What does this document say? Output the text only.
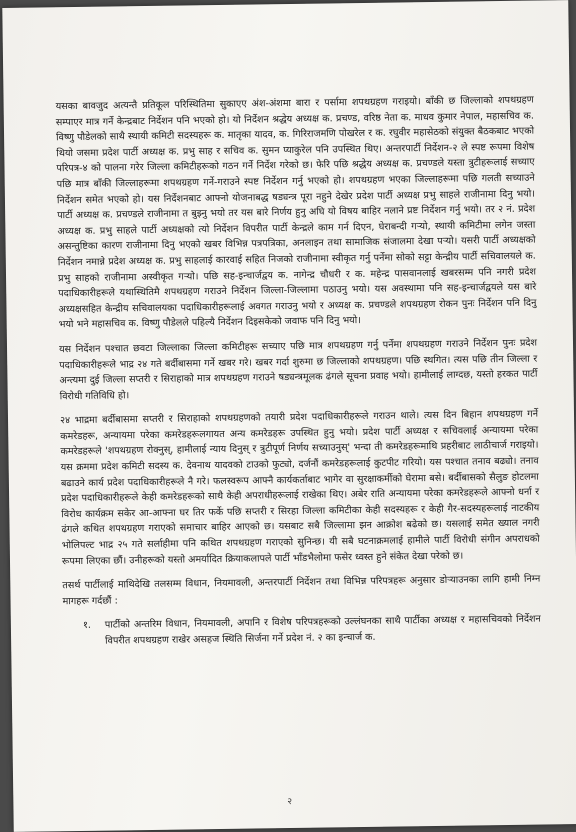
यसका बावजुद अत्यन्तै प्रतिकूल परिस्थितिमा सुकाएए अंश-अंशमा बारा र पर्सामा शपथग्रहण गराइयो। बाँकी छ जिल्लाको शपथग्रहण सम्पाएर मात्र गर्ने केन्द्रबाट निर्देशन पनि भएको हो। यो निर्देशन श्रद्धेय अध्यक्ष क. प्रचण्ड, वरिष्ठ नेता क. माधव कुमार नेपाल, महासचिव क. विष्णु पौडेलको साथै स्थायी कमिटी सदस्यहरू क. मातृका यादव, क. गिरिराजमणि पोखरेल र क. रघुवीर महासेठको संयुक्त बैठकबाट भएको थियो जसमा प्रदेश पार्टी अध्यक्ष क. प्रभु साह र सचिव क. सुमन प्याकुरेल पनि उपस्थित थिए। अन्तरपार्टी निर्देशन-२ ले स्पष्ट रूपमा विशेष परिपत्र-४ को पालना गरेर जिल्ला कमिटीहरूको गठन गर्ने निर्देश गरेको छ। फेरि पछि श्रद्धेय अध्यक्ष क. प्रचण्डले यस्ता त्रुटीहरूलाई सच्याए पछि मात्र बाँकी जिल्लाहरूमा शपथग्रहण गर्ने-गराउने स्पष्ट निर्देशन गर्नु भएको हो। शपथग्रहण भएका जिल्लाहरूमा पछि गलती सच्याउने निर्देशन समेत भएको हो। यस निर्देशनबाट आफ्नो योजनाबद्ध षड्यन्त्र पूरा नहुने देखेर प्रदेश पार्टी अध्यक्ष प्रभु साहले राजीनामा दिनु भयो। पार्टी अध्यक्ष क. प्रचण्डले राजीनामा त बुझ्नु भयो तर यस बारे निर्णय हुनु अघि यो विषय बाहिर नलाने प्रष्ट निर्देशन गर्नु भयो। तर २ नं. प्रदेश अध्यक्ष क. प्रभु साहले पार्टी अध्यक्षको त्यो निर्देशन विपरीत पार्टी केन्द्रले काम गर्न दिएन, घेराबन्दी गऱ्यो, स्थायी कमिटीमा लगेन जस्ता असन्तुष्टिका कारण राजीनामा दिनु भएको खबर विभिन्न पत्रपत्रिका, अनलाइन तथा सामाजिक संजालमा देखा पऱ्यो। यसरी पार्टी अध्यक्षको निर्देशन नमान्ने प्रदेश अध्यक्ष क. प्रभु साहलाई कारवाई सहित निजको राजीनामा स्वीकृत गर्नु पर्नेमा सोको सट्टा केन्द्रीय पार्टी सचिवालयले क. प्रभु साहको राजीनामा अस्वीकृत गऱ्यो। पछि सह-इन्चार्जद्वय क. नागेन्द्र चौधरी र क. महेन्द्र पासवानलाई खबरसम्म पनि नगरी प्रदेश पदाधिकारीहरूले यथास्थितिमै शपथग्रहण गराउने निर्देशन जिल्ला-जिल्लामा पठाउनु भयो। यस अवस्थामा पनि सह-इन्चार्जद्वयले यस बारे अध्यक्षसहित केन्द्रीय सचिवालयका पदाधिकारीहरूलाई अवगत गराउनु भयो र अध्यक्ष क. प्रचण्डले शपथग्रहण रोकन पुनः निर्देशन पनि दिनु भयो भने महासचिव क. विष्णु पौडेलले पहिल्यै निर्देशन दिइसकेको जवाफ पनि दिनु भयो।

यस निर्देशन पश्चात छवटा जिल्लाका जिल्ला कमिटीहरू सच्याए पछि मात्र शपथग्रहण गर्नु पर्नेमा शपथग्रहण गराउने निर्देशन पुनः प्रदेश पदाधिकारीहरूले भाद्र २४ गते बर्दीबासमा गर्ने खबर गरे। खबर गर्दा शुरुमा छ जिल्लाको शपथग्रहण। पछि स्थगित। त्यस पछि तीन जिल्ला र अन्त्यमा दुई जिल्ला सप्तरी र सिराहाको मात्र शपथग्रहण गराउने षड्यन्त्रमूलक ढंगले सूचना प्रवाह भयो। हामीलाई लाग्दछ, यस्तो हरकत पार्टी विरोधी गतिविधि हो।

२४ भाद्रमा बर्दीबासमा सप्तरी र सिराहाको शपथग्रहणको तयारी प्रदेश पदाधिकारीहरूले गराउन थाले। त्यस दिन बिहान शपथग्रहण गर्ने कमरेडहरू, अन्यायमा परेका कमरेडहरूलगायत अन्य कमरेडहरू उपस्थित हुनु भयो। प्रदेश पार्टी अध्यक्ष र सचिवलाई अन्यायमा परेका कमरेडहरूले 'शपथग्रहण रोक्नुस्, हामीलाई न्याय दिनुस् र त्रुटीपूर्ण निर्णय सच्याउनुस्' भन्दा ती कमरेडहरूमाथि प्रहरीबाट लाठीचार्ज गराइयो। यस क्रममा प्रदेश कमिटी सदस्य क. देवनाथ यादवको टाउको फुट्यो, दर्जनौं कमरेडहरूलाई कुटपीट गरियो। यस पश्चात तनाव बढ्यो। तनाव बढाउने कार्य प्रदेश पदाधिकारीहरूले नै गरे। फलस्वरूप आफ्नै कार्यकर्ताबाट भागेर वा सुरक्षाकर्मीको घेरामा बसे। बर्दीबासको सैलुङ होटलमा प्रदेश पदाधिकारीहरूले केही कमरेडहरूको साथै केही अपराधीहरूलाई राखेका थिए। अबेर राति अन्यायमा परेका कमरेडहरूले आफ्नो धर्ना र विरोध कार्यक्रम सकेर आ-आफ्ना घर तिर फर्के पछि सप्तरी र सिरहा जिल्ला कमिटीका केही सदस्यहरू र केही गैर-सदस्यहरूलाई नाटकीय ढंगले कथित शपथग्रहण गराएको समाचार बाहिर आएको छ। यसबाट सबै जिल्लामा झन आक्रोश बढेको छ। यसलाई समेत ख्याल नगरी भोलिपल्ट भाद्र २५ गते सर्लाहीमा पनि कथित शपथग्रहण गराएको सुनिन्छ। यी सबै घटनाक्रमलाई हामीले पार्टी विरोधी संगीन अपराधको रूपमा लिएका छौं। उनीहरूको यस्तो अमर्यादित क्रियाकलापले पार्टी भाँडभैलोमा फसेर ध्वस्त हुने संकेत देखा परेको छ।

तसर्थ पार्टीलाई माथिदेखि तलसम्म विधान, नियमावली, अन्तरपार्टी निर्देशन तथा विभिन्न परिपत्रहरू अनुसार डोऱ्याउनका लागि हामी निम्न मागहरू गर्दछौं :

१.	पार्टीको अन्तरिम विधान, नियमावली, अपानि र विशेष परिपत्रहरूको उल्लंघनका साथै पार्टीका अध्यक्ष र महासचिवको निर्देशन विपरीत शपथग्रहण राखेर असहज स्थिति सिर्जना गर्ने प्रदेश नं. २ का इन्चार्ज क.
२
